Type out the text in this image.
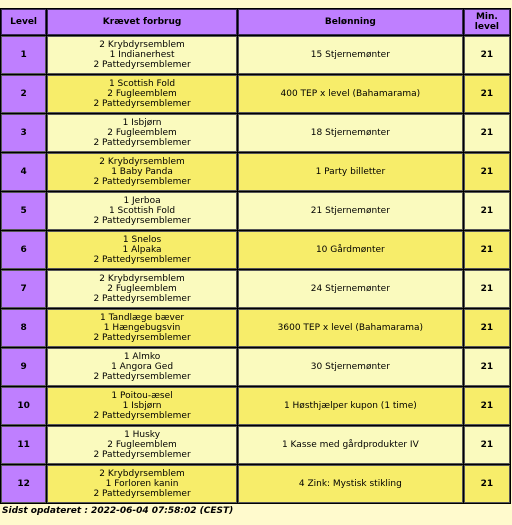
Level	Krævet forbrug	Belønning	Min. level
1	2 Krybdyrsemblem
1 Indianerhest
2 Pattedyrsemblemer	15 Stjernemønter	21
2	1 Scottish Fold
2 Fugleemblem
2 Pattedyrsemblemer	400 TEP x level (Bahamarama)	21
3	1 Isbjørn
2 Fugleemblem
2 Pattedyrsemblemer	18 Stjernemønter	21
4	2 Krybdyrsemblem
1 Baby Panda
2 Pattedyrsemblemer	1 Party billetter	21
5	1 Jerboa
1 Scottish Fold
2 Pattedyrsemblemer	21 Stjernemønter	21
6	1 Snelos
1 Alpaka
2 Pattedyrsemblemer	10 Gårdmønter	21
7	2 Krybdyrsemblem
2 Fugleemblem
2 Pattedyrsemblemer	24 Stjernemønter	21
8	1 Tandlæge bæver
1 Hængebugsvin
2 Pattedyrsemblemer	3600 TEP x level (Bahamarama)	21
9	1 Almko
1 Angora Ged
2 Pattedyrsemblemer	30 Stjernemønter	21
10	1 Poitou-æsel
1 Isbjørn
2 Pattedyrsemblemer	1 Høsthjælper kupon (1 time)	21
11	1 Husky
2 Fugleemblem
2 Pattedyrsemblemer	1 Kasse med gårdprodukter IV	21
12	2 Krybdyrsemblem
1 Forloren kanin
2 Pattedyrsemblemer	4 Zink: Mystisk stikling	21
Sidst opdateret : 2022-06-04 07:58:02 (CEST)
